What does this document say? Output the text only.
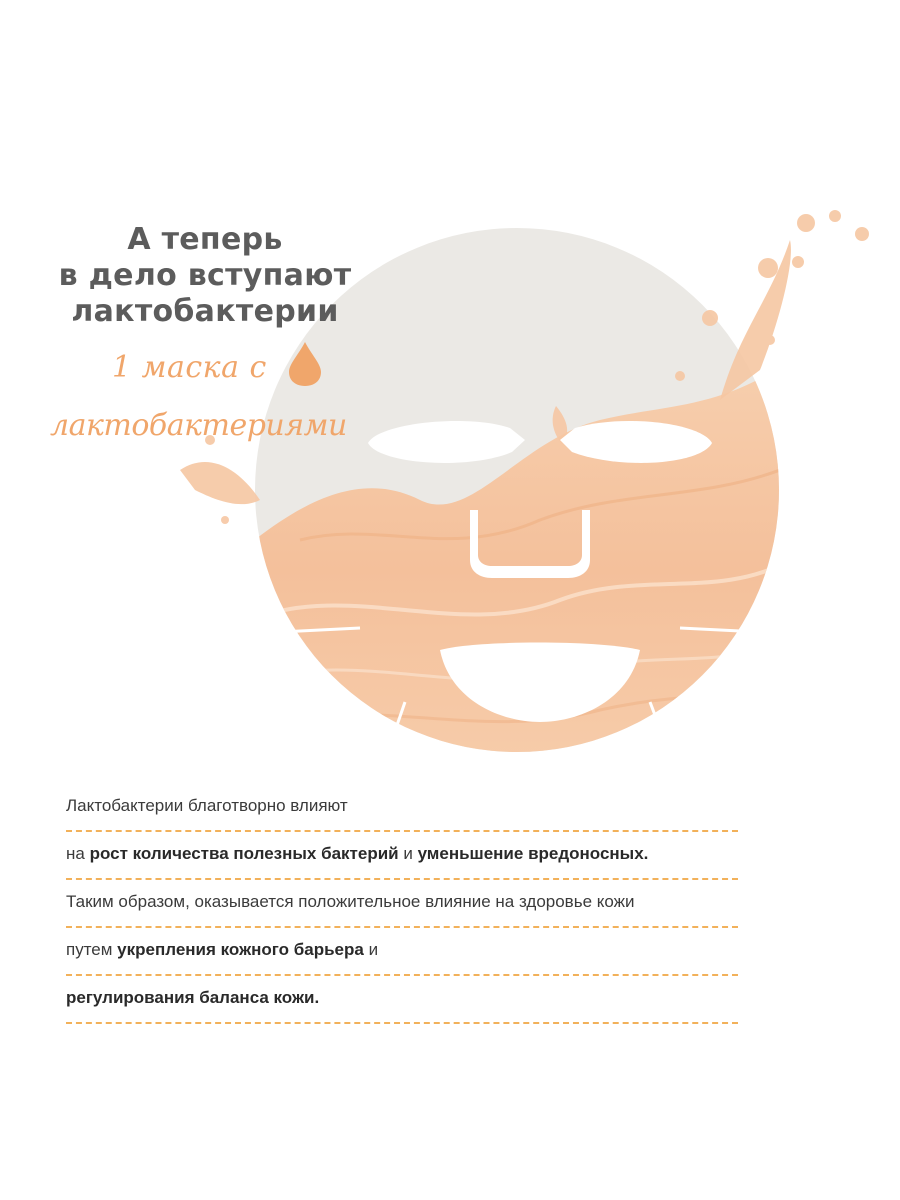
А теперь
в дело вступают
лактобактерии
1 маска с
лактобактериями
Лактобактерии благотворно влияют
на рост количества полезных бактерий и уменьшение вредоносных.
Таким образом, оказывается положительное влияние на здоровье кожи
путем укрепления кожного барьера и
регулирования баланса кожи.
